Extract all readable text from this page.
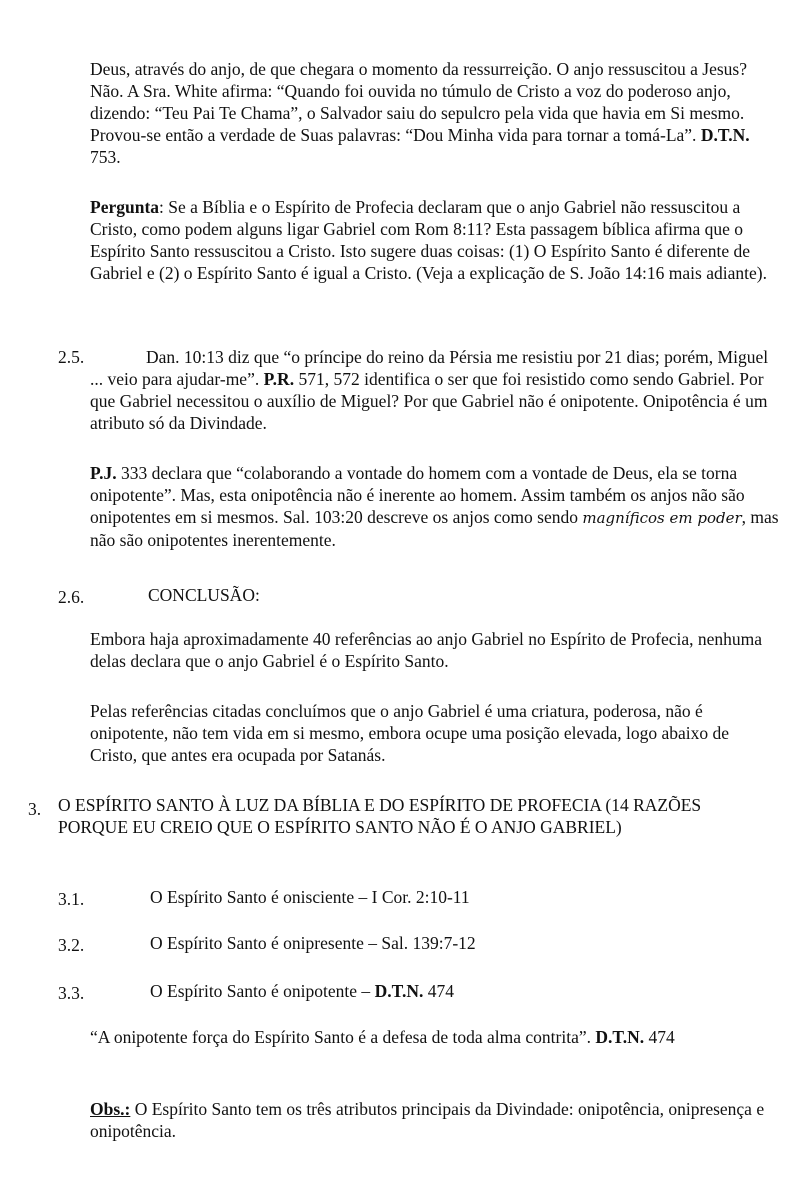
Deus, através do anjo, de que chegara o momento da ressurreição. O anjo ressuscitou a Jesus? Não. A Sra. White afirma: “Quando foi ouvida no túmulo de Cristo a voz do poderoso anjo, dizendo: “Teu Pai Te Chama”, o Salvador saiu do sepulcro pela vida que havia em Si mesmo. Provou-se então a verdade de Suas palavras: “Dou Minha vida para tornar a tomá-La”. D.T.N. 753.

Pergunta: Se a Bíblia e o Espírito de Profecia declaram que o anjo Gabriel não ressuscitou a Cristo, como podem alguns ligar Gabriel com Rom 8:11? Esta passagem bíblica afirma que o Espírito Santo ressuscitou a Cristo. Isto sugere duas coisas: (1) O Espírito Santo é diferente de Gabriel e (2) o Espírito Santo é igual a Cristo. (Veja a explicação de S. João 14:16 mais adiante).

2.5.	Dan. 10:13 diz que “o príncipe do reino da Pérsia me resistiu por 21 dias; porém, Miguel ... veio para ajudar-me”. P.R. 571, 572 identifica o ser que foi resistido como sendo Gabriel. Por que Gabriel necessitou o auxílio de Miguel? Por que Gabriel não é onipotente. Onipotência é um atributo só da Divindade.

P.J. 333 declara que “colaborando a vontade do homem com a vontade de Deus, ela se torna onipotente”. Mas, esta onipotência não é inerente ao homem. Assim também os anjos não são onipotentes em si mesmos. Sal. 103:20 descreve os anjos como sendo magníficos em poder, mas não são onipotentes inerentemente.

2.6.	CONCLUSÃO:

Embora haja aproximadamente 40 referências ao anjo Gabriel no Espírito de Profecia, nenhuma delas declara que o anjo Gabriel é o Espírito Santo.

Pelas referências citadas concluímos que o anjo Gabriel é uma criatura, poderosa, não é onipotente, não tem vida em si mesmo, embora ocupe uma posição elevada, logo abaixo de Cristo, que antes era ocupada por Satanás.

3. O ESPÍRITO SANTO À LUZ DA BÍBLIA E DO ESPÍRITO DE PROFECIA (14 RAZÕES PORQUE EU CREIO QUE O ESPÍRITO SANTO NÃO É O ANJO GABRIEL)

3.1.	O Espírito Santo é onisciente – I Cor. 2:10-11
3.2.	O Espírito Santo é onipresente – Sal. 139:7-12
3.3.	O Espírito Santo é onipotente – D.T.N. 474

“A onipotente força do Espírito Santo é a defesa de toda alma contrita”. D.T.N. 474

Obs.: O Espírito Santo tem os três atributos principais da Divindade: onipotência, onipresença e onipotência.
